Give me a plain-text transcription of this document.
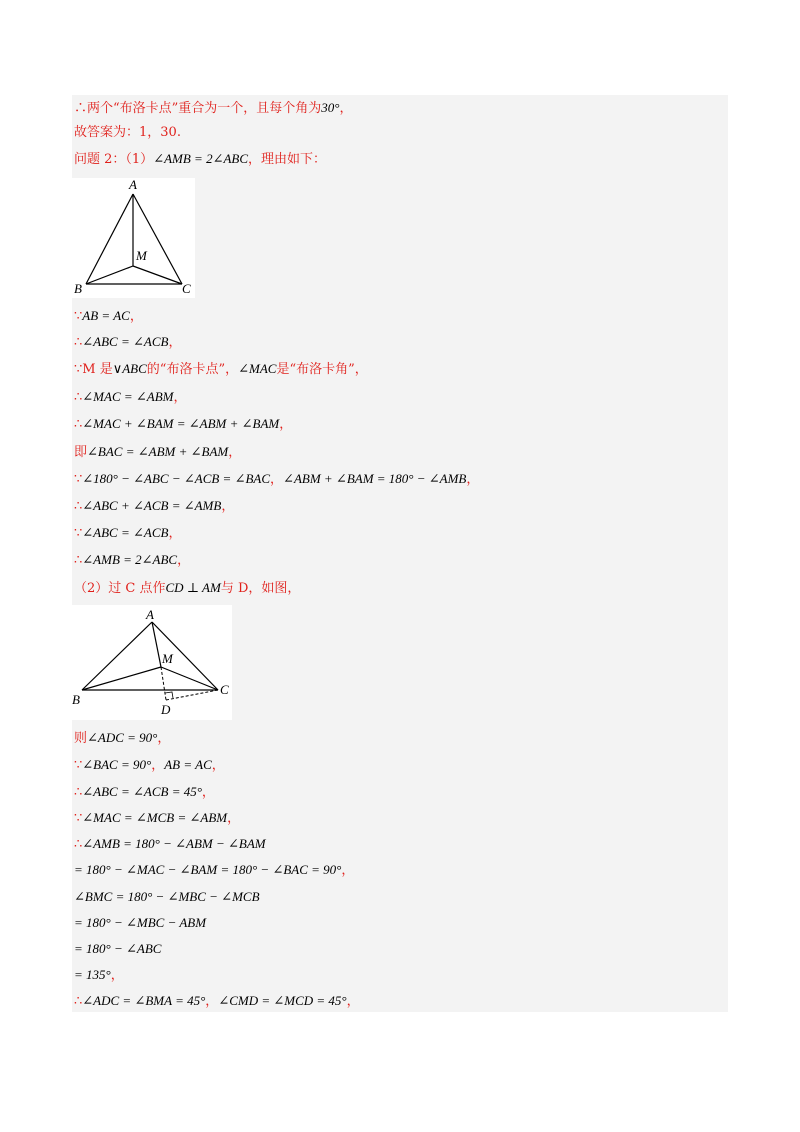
∴两个“布洛卡点”重合为一个，且每个角为30°，
故答案为：1，30.
问题 2：（1）∠AMB = 2∠ABC，理由如下：
A
B	C
M
∵AB = AC，
∴∠ABC = ∠ACB，
∵M 是∨ABC的“布洛卡点”，∠MAC是“布洛卡角”，
∴∠MAC = ∠ABM，
∴∠MAC + ∠BAM = ∠ABM + ∠BAM，
即∠BAC = ∠ABM + ∠BAM，
∵∠180° − ∠ABC − ∠ACB = ∠BAC，∠ABM + ∠BAM = 180° − ∠AMB，
∴∠ABC + ∠ACB = ∠AMB，
∵∠ABC = ∠ACB，
∴∠AMB = 2∠ABC，
（2）过 C 点作CD ⊥ AM与 D，如图，
A
B
C
M
D
则∠ADC = 90°，
∵∠BAC = 90°，AB = AC，
∴∠ABC = ∠ACB = 45°，
∵∠MAC = ∠MCB = ∠ABM，
∴∠AMB = 180° − ∠ABM − ∠BAM
= 180° − ∠MAC − ∠BAM = 180° − ∠BAC = 90°，
∠BMC = 180° − ∠MBC − ∠MCB
= 180° − ∠MBC − ABM
= 180° − ∠ABC
= 135°，
∴∠ADC = ∠BMA = 45°，∠CMD = ∠MCD = 45°，
